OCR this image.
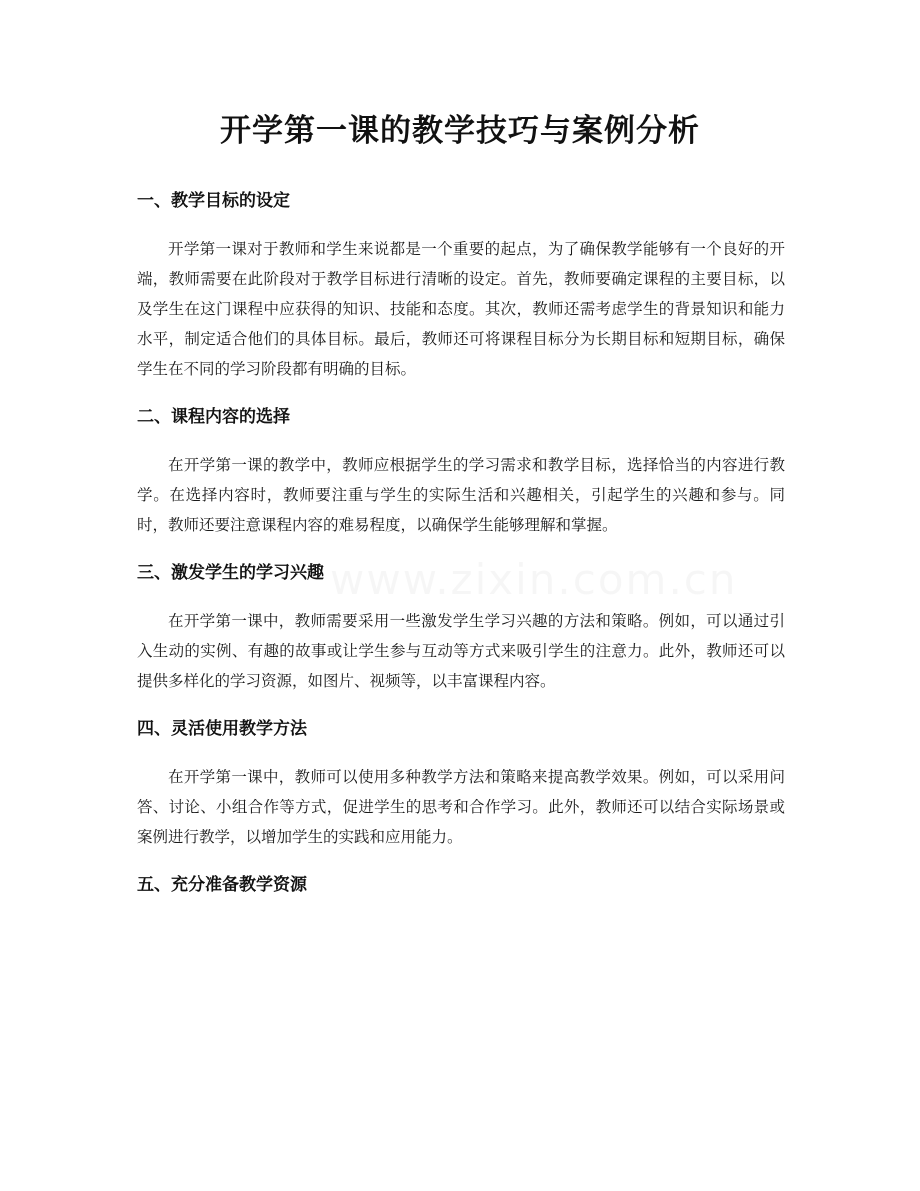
开学第一课的教学技巧与案例分析
一、教学目标的设定

开学第一课对于教师和学生来说都是一个重要的起点，为了确保教学能够有一个良好的开端，教师需要在此阶段对于教学目标进行清晰的设定。首先，教师要确定课程的主要目标，以及学生在这门课程中应获得的知识、技能和态度。其次，教师还需考虑学生的背景知识和能力水平，制定适合他们的具体目标。最后，教师还可将课程目标分为长期目标和短期目标，确保学生在不同的学习阶段都有明确的目标。

二、课程内容的选择

在开学第一课的教学中，教师应根据学生的学习需求和教学目标，选择恰当的内容进行教学。在选择内容时，教师要注重与学生的实际生活和兴趣相关，引起学生的兴趣和参与。同时，教师还要注意课程内容的难易程度，以确保学生能够理解和掌握。

三、激发学生的学习兴趣

在开学第一课中，教师需要采用一些激发学生学习兴趣的方法和策略。例如，可以通过引入生动的实例、有趣的故事或让学生参与互动等方式来吸引学生的注意力。此外，教师还可以提供多样化的学习资源，如图片、视频等，以丰富课程内容。

四、灵活使用教学方法

在开学第一课中，教师可以使用多种教学方法和策略来提高教学效果。例如，可以采用问答、讨论、小组合作等方式，促进学生的思考和合作学习。此外，教师还可以结合实际场景或案例进行教学，以增加学生的实践和应用能力。

五、充分准备教学资源
